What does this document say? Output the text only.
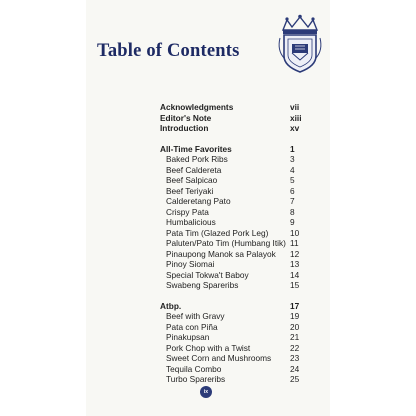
Table of Contents
Acknowledgments	vii
Editor's Note	xiii
Introduction	xv
All-Time Favorites	1
Baked Pork Ribs	3
Beef Caldereta	4
Beef Salpicao	5
Beef Teriyaki	6
Calderetang Pato	7
Crispy Pata	8
Humbalicious	9
Pata Tim (Glazed Pork Leg)	10
Paluten/Pato Tim (Humbang Itik) 11
Pinaupong Manok sa Palayok 12
Pinoy Siomai	13
Special Tokwa't Baboy	14
Swabeng Spareribs	15
Atbp.	17
Beef with Gravy	19
Pata con Piña	20
Pinakupsan	21
Pork Chop with a Twist	22
Sweet Corn and Mushrooms 23
Tequila Combo	24
Turbo Spareribs	25
ix
